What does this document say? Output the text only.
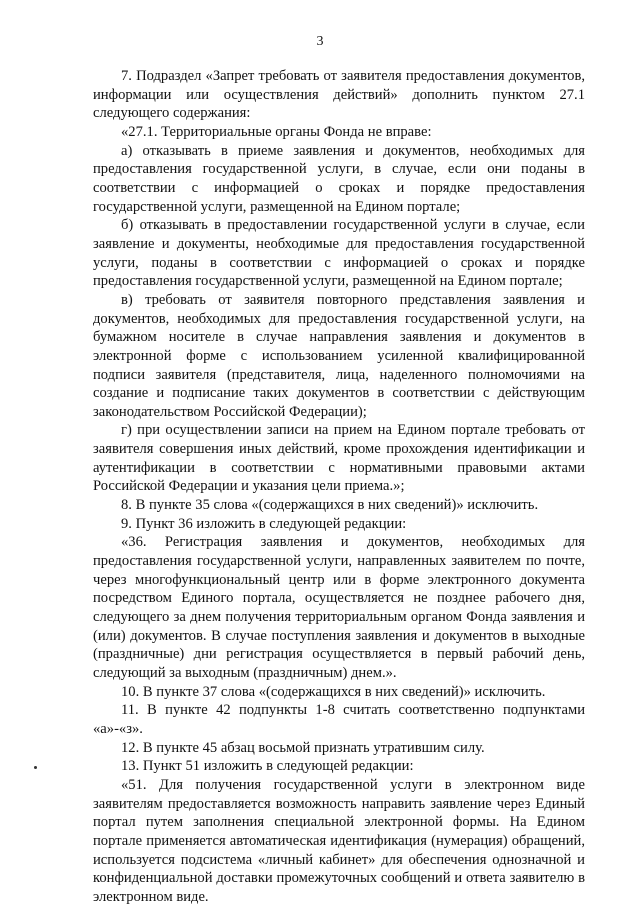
3

7. Подраздел «Запрет требовать от заявителя предоставления документов, информации или осуществления действий» дополнить пунктом 27.1 следующего содержания:

«27.1. Территориальные органы Фонда не вправе:

а) отказывать в приеме заявления и документов, необходимых для предоставления государственной услуги, в случае, если они поданы в соответствии с информацией о сроках и порядке предоставления государственной услуги, размещенной на Едином портале;

б) отказывать в предоставлении государственной услуги в случае, если заявление и документы, необходимые для предоставления государственной услуги, поданы в соответствии с информацией о сроках и порядке предоставления государственной услуги, размещенной на Едином портале;

в) требовать от заявителя повторного представления заявления и документов, необходимых для предоставления государственной услуги, на бумажном носителе в случае направления заявления и документов в электронной форме с использованием усиленной квалифицированной подписи заявителя (представителя, лица, наделенного полномочиями на создание и подписание таких документов в соответствии с действующим законодательством Российской Федерации);

г) при осуществлении записи на прием на Едином портале требовать от заявителя совершения иных действий, кроме прохождения идентификации и аутентификации в соответствии с нормативными правовыми актами Российской Федерации и указания цели приема.»;

8. В пункте 35 слова «(содержащихся в них сведений)» исключить.

9. Пункт 36 изложить в следующей редакции:

«36. Регистрация заявления и документов, необходимых для предоставления государственной услуги, направленных заявителем по почте, через многофункциональный центр или в форме электронного документа посредством Единого портала, осуществляется не позднее рабочего дня, следующего за днем получения территориальным органом Фонда заявления и (или) документов. В случае поступления заявления и документов в выходные (праздничные) дни регистрация осуществляется в первый рабочий день, следующий за выходным (праздничным) днем.».

10. В пункте 37 слова «(содержащихся в них сведений)» исключить.

11. В пункте 42 подпункты 1-8 считать соответственно подпунктами «а»-«з».

12. В пункте 45 абзац восьмой признать утратившим силу.

13. Пункт 51 изложить в следующей редакции:

«51. Для получения государственной услуги в электронном виде заявителям предоставляется возможность направить заявление через Единый портал путем заполнения специальной электронной формы. На Едином портале применяется автоматическая идентификация (нумерация) обращений, используется подсистема «личный кабинет» для обеспечения однозначной и конфиденциальной доставки промежуточных сообщений и ответа заявителю в электронном виде.
